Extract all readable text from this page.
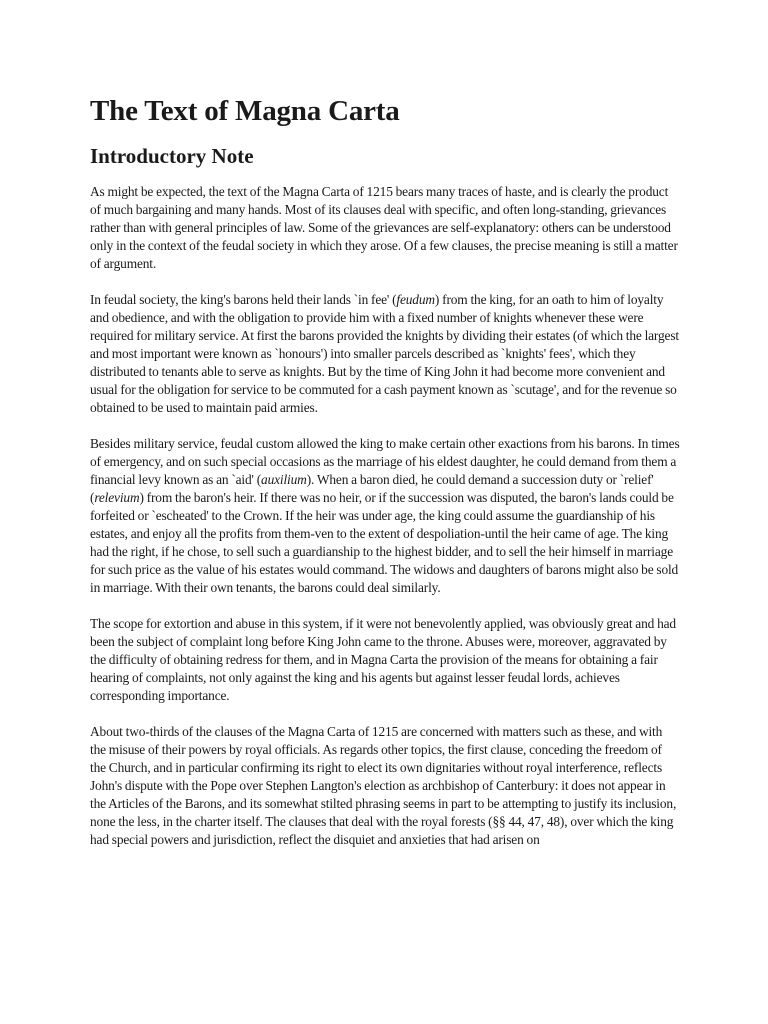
The Text of Magna Carta
Introductory Note

As might be expected, the text of the Magna Carta of 1215 bears many traces of haste, and is clearly the product of much bargaining and many hands. Most of its clauses deal with specific, and often long-standing, grievances rather than with general principles of law. Some of the grievances are self-explanatory: others can be understood only in the context of the feudal society in which they arose. Of a few clauses, the precise meaning is still a matter of argument.

In feudal society, the king's barons held their lands `in fee' (feudum) from the king, for an oath to him of loyalty and obedience, and with the obligation to provide him with a fixed number of knights whenever these were required for military service. At first the barons provided the knights by dividing their estates (of which the largest and most important were known as `honours') into smaller parcels described as `knights' fees', which they distributed to tenants able to serve as knights. But by the time of King John it had become more convenient and usual for the obligation for service to be commuted for a cash payment known as `scutage', and for the revenue so obtained to be used to maintain paid armies.

Besides military service, feudal custom allowed the king to make certain other exactions from his barons. In times of emergency, and on such special occasions as the marriage of his eldest daughter, he could demand from them a financial levy known as an `aid' (auxilium). When a baron died, he could demand a succession duty or `relief' (relevium) from the baron's heir. If there was no heir, or if the succession was disputed, the baron's lands could be forfeited or `escheated' to the Crown. If the heir was under age, the king could assume the guardianship of his estates, and enjoy all the profits from them-ven to the extent of despoliation-until the heir came of age. The king had the right, if he chose, to sell such a guardianship to the highest bidder, and to sell the heir himself in marriage for such price as the value of his estates would command. The widows and daughters of barons might also be sold in marriage. With their own tenants, the barons could deal similarly.

The scope for extortion and abuse in this system, if it were not benevolently applied, was obviously great and had been the subject of complaint long before King John came to the throne. Abuses were, moreover, aggravated by the difficulty of obtaining redress for them, and in Magna Carta the provision of the means for obtaining a fair hearing of complaints, not only against the king and his agents but against lesser feudal lords, achieves corresponding importance.

About two-thirds of the clauses of the Magna Carta of 1215 are concerned with matters such as these, and with the misuse of their powers by royal officials. As regards other topics, the first clause, conceding the freedom of the Church, and in particular confirming its right to elect its own dignitaries without royal interference, reflects John's dispute with the Pope over Stephen Langton's election as archbishop of Canterbury: it does not appear in the Articles of the Barons, and its somewhat stilted phrasing seems in part to be attempting to justify its inclusion, none the less, in the charter itself. The clauses that deal with the royal forests (§§ 44, 47, 48), over which the king had special powers and jurisdiction, reflect the disquiet and anxieties that had arisen on
